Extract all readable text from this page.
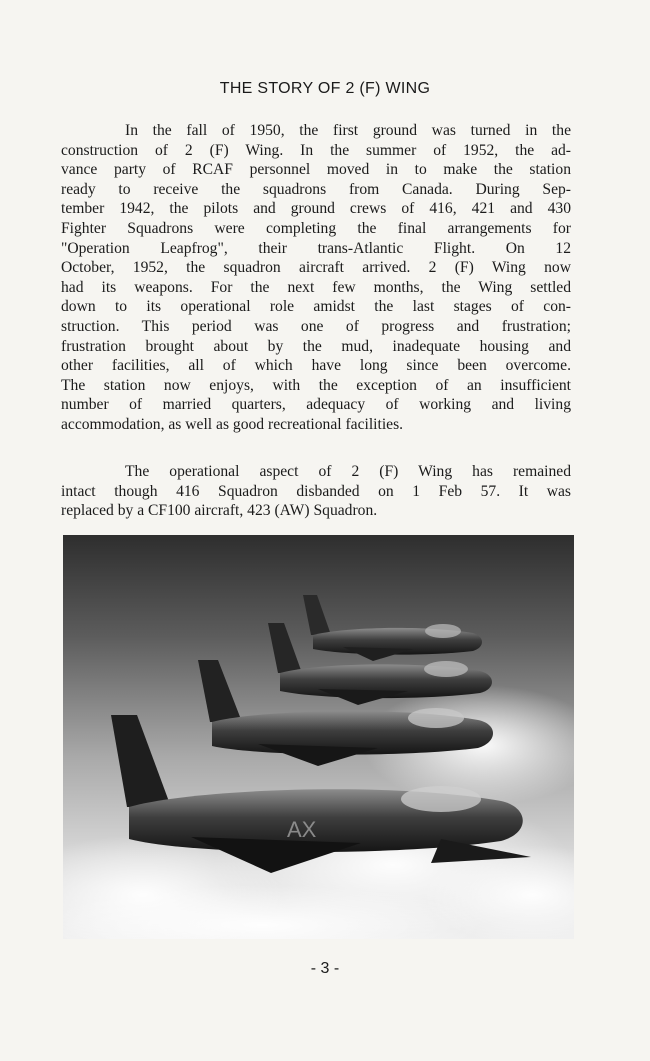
THE STORY OF 2 (F) WING

In the fall of 1950, the first ground was turned in the
construction of 2 (F) Wing. In the summer of 1952, the ad-
vance party of RCAF personnel moved in to make the station
ready to receive the squadrons from Canada. During Sep-
tember 1942, the pilots and ground crews of 416, 421 and 430
Fighter Squadrons were completing the final arrangements for
"Operation Leapfrog", their trans-Atlantic Flight. On 12
October, 1952, the squadron aircraft arrived. 2 (F) Wing now
had its weapons. For the next few months, the Wing settled
down to its operational role amidst the last stages of con-
struction. This period was one of progress and frustration;
frustration brought about by the mud, inadequate housing and
other facilities, all of which have long since been overcome.
The station now enjoys, with the exception of an insufficient
number of married quarters, adequacy of working and living
accommodation, as well as good recreational facilities.

The operational aspect of 2 (F) Wing has remained
intact though 416 Squadron disbanded on 1 Feb 57. It was
replaced by a CF100 aircraft, 423 (AW) Squadron.

AX
- 3 -
